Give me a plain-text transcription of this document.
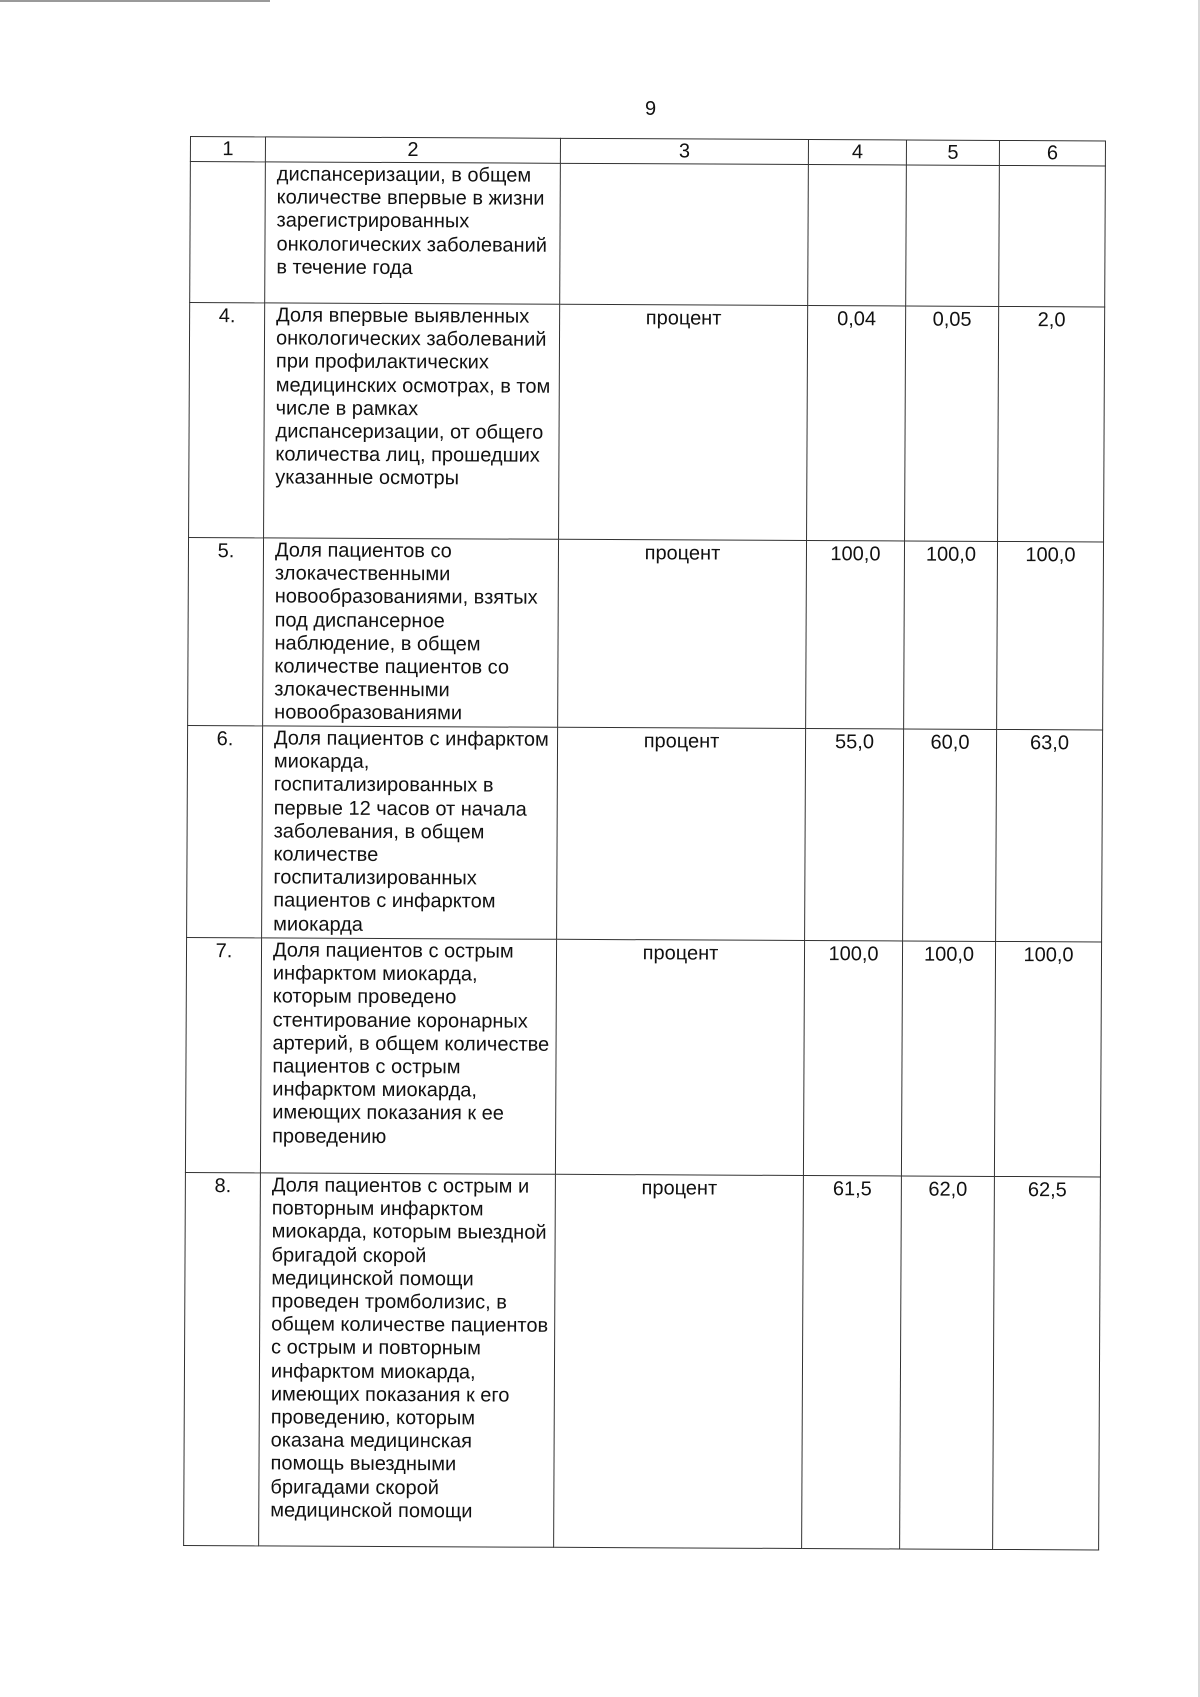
9
1	2	3	4	5	6
	диспансеризации, в общем количестве впервые в жизни зарегистрированных онкологических заболеваний в течение года				
4.	Доля впервые выявленных онкологических заболеваний при профилактических медицинских осмотрах, в том числе в рамках диспансеризации, от общего количества лиц, прошедших указанные осмотры	процент	0,04	0,05	2,0
5.	Доля пациентов со злокачественными новообразованиями, взятых под диспансерное наблюдение, в общем количестве пациентов со злокачественными новообразованиями	процент	100,0	100,0	100,0
6.	Доля пациентов с инфарктом миокарда, госпитализированных в первые 12 часов от начала заболевания, в общем количестве госпитализированных пациентов с инфарктом миокарда	процент	55,0	60,0	63,0
7.	Доля пациентов с острым инфарктом миокарда, которым проведено стентирование коронарных артерий, в общем количестве пациентов с острым инфарктом миокарда, имеющих показания к ее проведению	процент	100,0	100,0	100,0
8.	Доля пациентов с острым и повторным инфарктом миокарда, которым выездной бригадой скорой медицинской помощи проведен тромболизис, в общем количестве пациентов с острым и повторным инфарктом миокарда, имеющих показания к его проведению, которым оказана медицинская помощь выездными бригадами скорой медицинской помощи	процент	61,5	62,0	62,5
